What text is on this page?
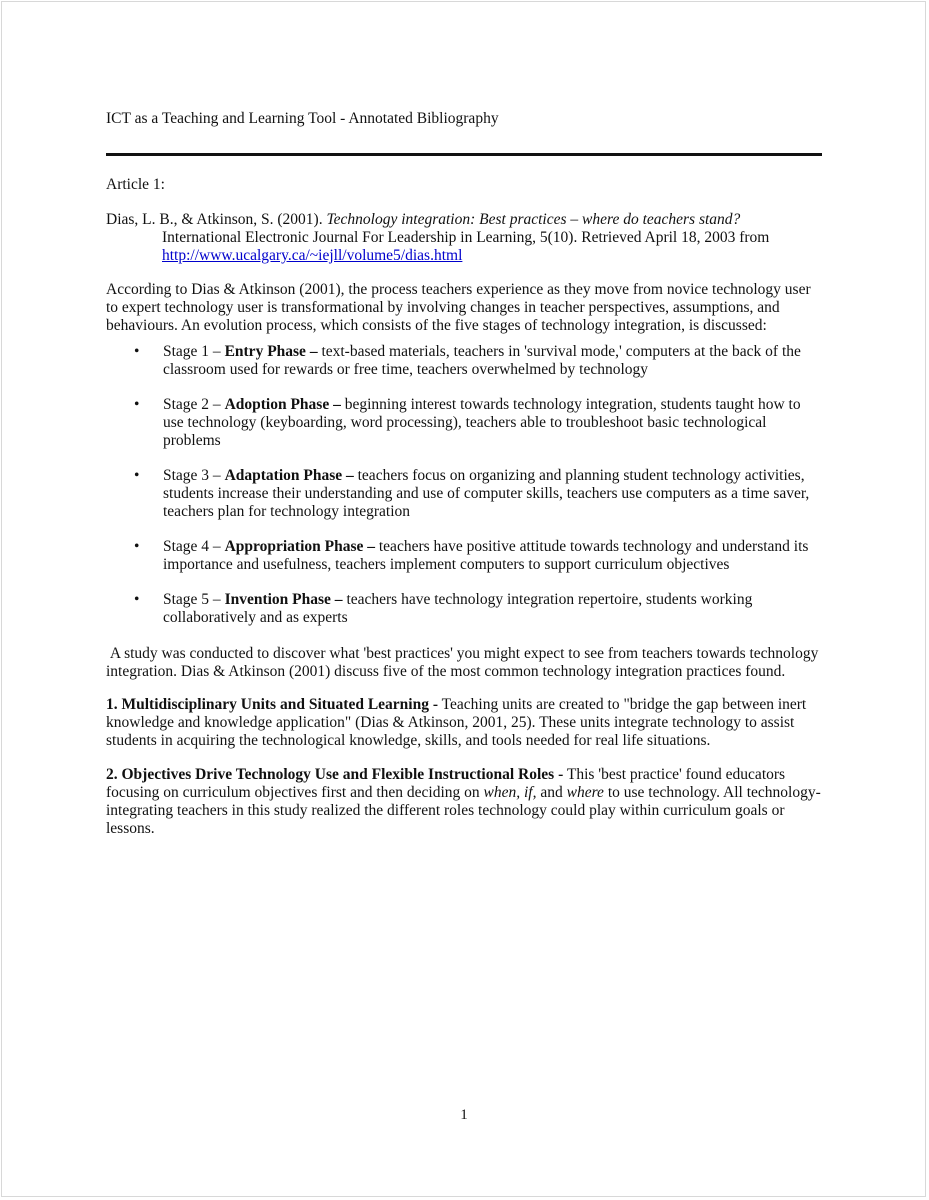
ICT as a Teaching and Learning Tool - Annotated Bibliography

Article 1:

Dias, L. B., & Atkinson, S. (2001). Technology integration: Best practices – where do teachers stand? International Electronic Journal For Leadership in Learning, 5(10). Retrieved April 18, 2003 from http://www.ucalgary.ca/~iejll/volume5/dias.html

According to Dias & Atkinson (2001), the process teachers experience as they move from novice technology user to expert technology user is transformational by involving changes in teacher perspectives, assumptions, and behaviours. An evolution process, which consists of the five stages of technology integration, is discussed:

• Stage 1 – Entry Phase – text-based materials, teachers in 'survival mode,' computers at the back of the classroom used for rewards or free time, teachers overwhelmed by technology
• Stage 2 – Adoption Phase – beginning interest towards technology integration, students taught how to use technology (keyboarding, word processing), teachers able to troubleshoot basic technological problems
• Stage 3 – Adaptation Phase – teachers focus on organizing and planning student technology activities, students increase their understanding and use of computer skills, teachers use computers as a time saver, teachers plan for technology integration
• Stage 4 – Appropriation Phase – teachers have positive attitude towards technology and understand its importance and usefulness, teachers implement computers to support curriculum objectives
• Stage 5 – Invention Phase – teachers have technology integration repertoire, students working collaboratively and as experts

A study was conducted to discover what 'best practices' you might expect to see from teachers towards technology integration. Dias & Atkinson (2001) discuss five of the most common technology integration practices found.

1. Multidisciplinary Units and Situated Learning - Teaching units are created to "bridge the gap between inert knowledge and knowledge application" (Dias & Atkinson, 2001, 25). These units integrate technology to assist students in acquiring the technological knowledge, skills, and tools needed for real life situations.

2. Objectives Drive Technology Use and Flexible Instructional Roles - This 'best practice' found educators focusing on curriculum objectives first and then deciding on when, if, and where to use technology. All technology-integrating teachers in this study realized the different roles technology could play within curriculum goals or lessons.

1
